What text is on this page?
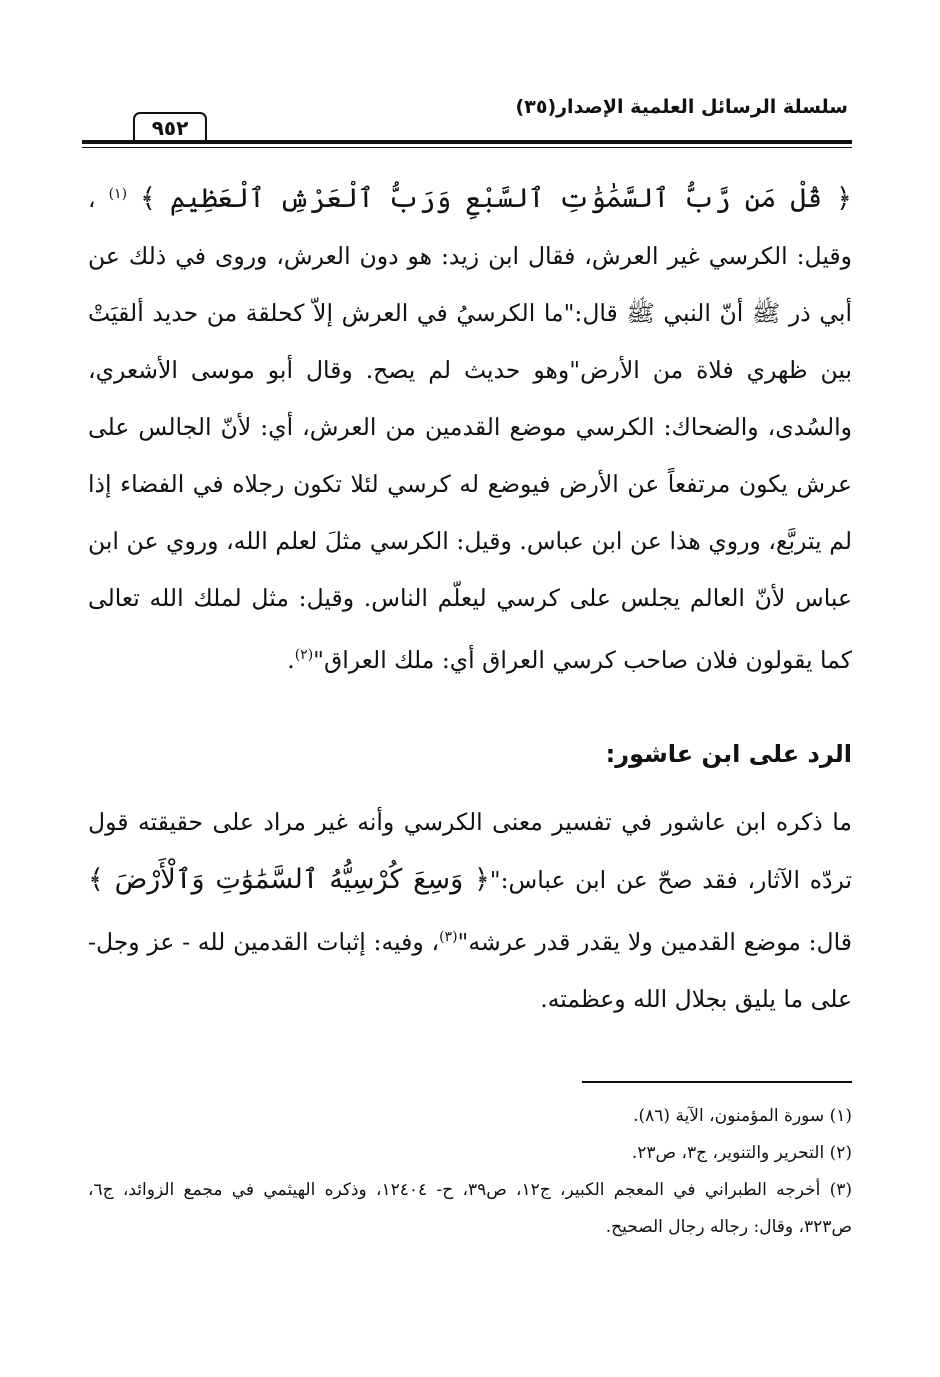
سلسلة الرسائل العلمية الإصدار(٣٥)
٩٥٢

﴿ قُلْ مَن رَّبُّ ٱلسَّمَٰوَٰتِ ٱلسَّبْعِ وَرَبُّ ٱلْعَرْشِ ٱلْعَظِيمِ ﴾ $^{(١)}$ ، وقيل: الكرسي غير العرش، فقال ابن زيد: هو دون العرش، وروى في ذلك عن أبي ذر ﷺ أنّ النبي ﷺ قال:"ما الكرسيُ في العرش إلاّ كحلقة من حديد ألقيَتْ بين ظهري فلاة من الأرض"وهو حديث لم يصح. وقال أبو موسى الأشعري، والسُدى، والضحاك: الكرسي موضع القدمين من العرش، أي: لأنّ الجالس على عرش يكون مرتفعاً عن الأرض فيوضع له كرسي لئلا تكون رجلاه في الفضاء إذا لم يتربَّع، وروي هذا عن ابن عباس. وقيل: الكرسي مثلَ لعلم الله، وروي عن ابن عباس لأنّ العالم يجلس على كرسي ليعلّم الناس. وقيل: مثل لملك الله تعالى كما يقولون فلان صاحب كرسي العراق أي: ملك العراق"$^{(٢)}$.

الرد على ابن عاشور:

ما ذكره ابن عاشور في تفسير معنى الكرسي وأنه غير مراد على حقيقته قول تردّه الآثار، فقد صحّ عن ابن عباس:"﴿ وَسِعَ كُرْسِيُّهُ ٱلسَّمَٰوَٰتِ وَٱلْأَرْضَ ﴾ قال: موضع القدمين ولا يقدر قدر عرشه"$^{(٣)}$، وفيه: إثبات القدمين لله - عز وجل- على ما يليق بجلال الله وعظمته.

(١) سورة المؤمنون، الآية (٨٦).

(٢) التحرير والتنوير، ج٣، ص٢٣.

(٣) أخرجه الطبراني في المعجم الكبير، ج١٢، ص٣٩، ح- ١٢٤٠٤، وذكره الهيثمي في مجمع الزوائد، ج٦، ص٣٢٣، وقال: رجاله رجال الصحيح.
